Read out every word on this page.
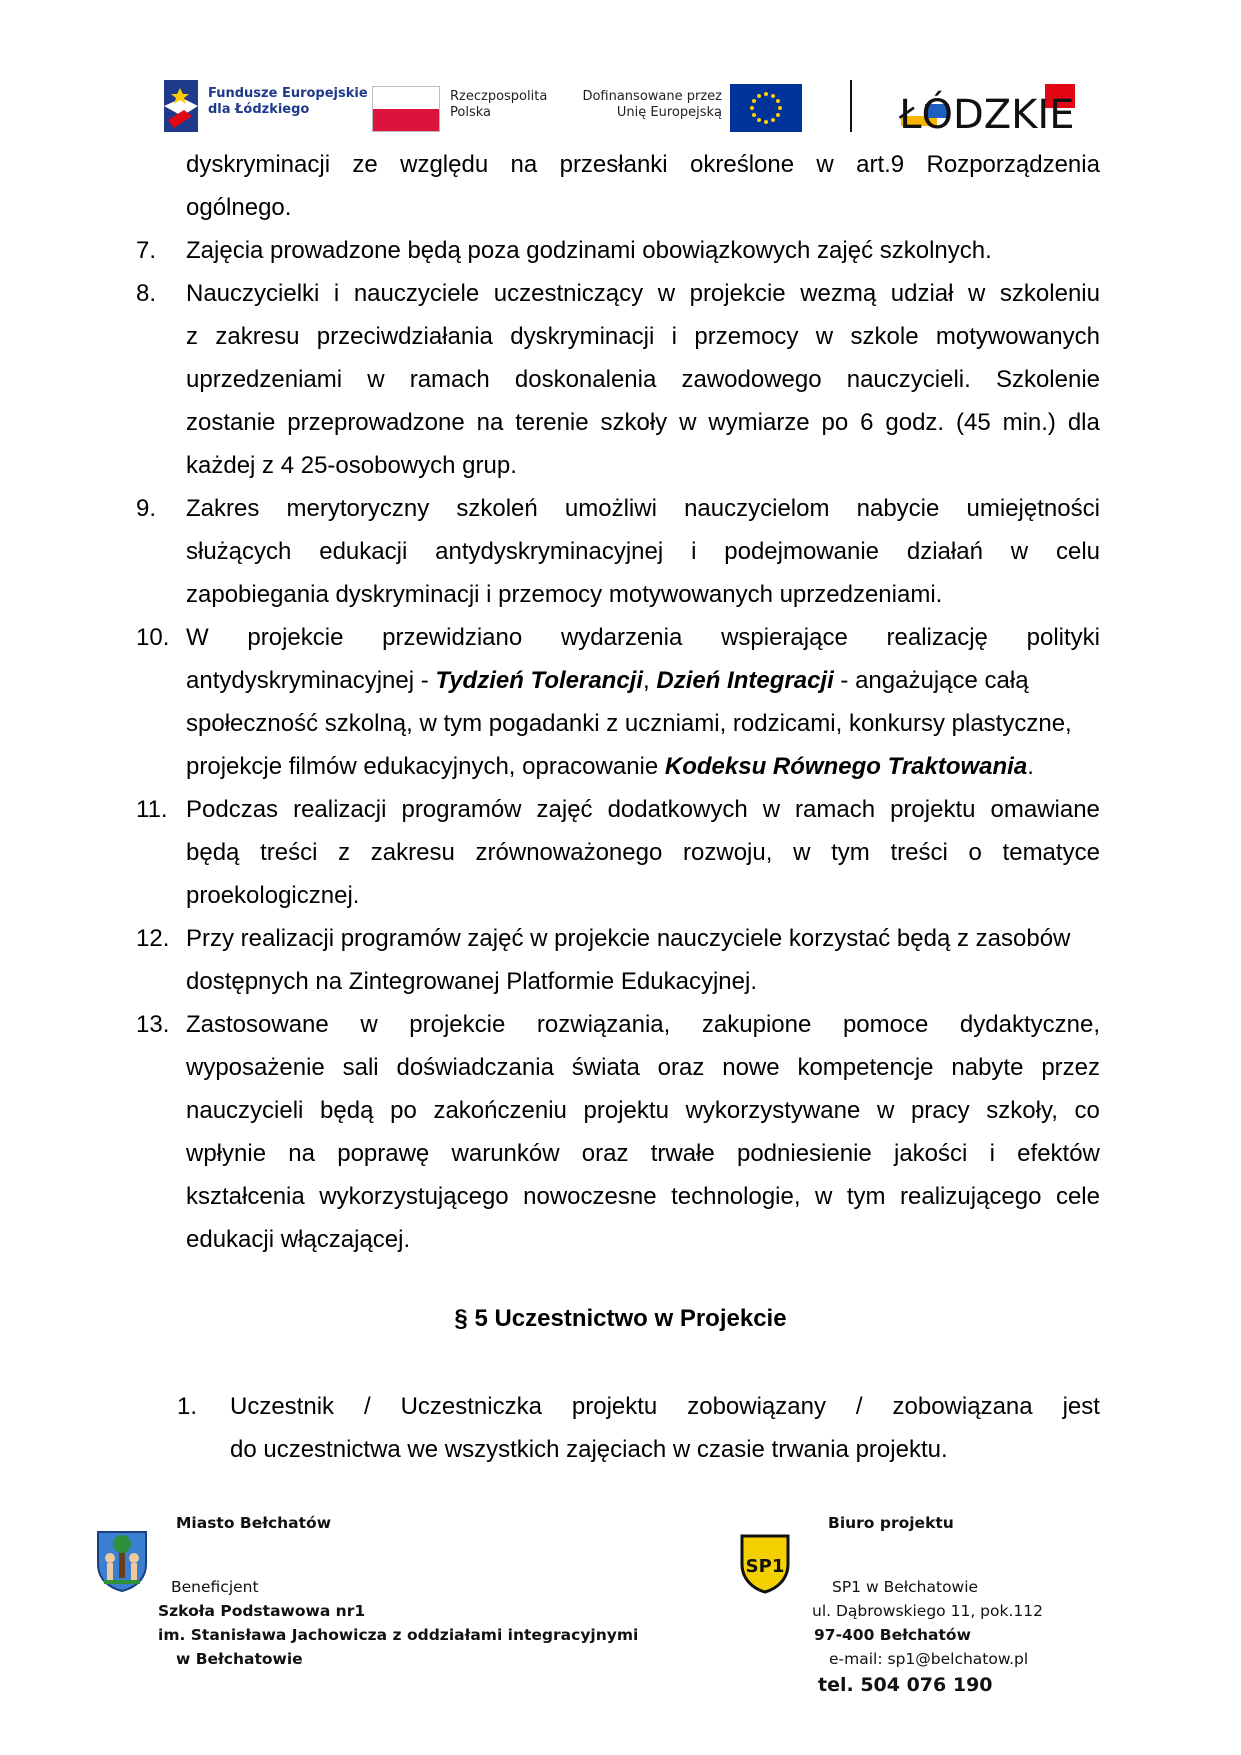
Fundusze Europejskie
dla Łódzkiego
Rzeczpospolita
Polska
Dofinansowane przez
Unię Europejską	ŁÓDZKIE
dyskryminacji ze względu na przesłanki określone w art.9 Rozporządzenia
ogólnego.
7.	Zajęcia prowadzone będą poza godzinami obowiązkowych zajęć szkolnych.
8.	Nauczycielki i nauczyciele uczestniczący w projekcie wezmą udział w szkoleniu
z zakresu przeciwdziałania dyskryminacji i przemocy w szkole motywowanych
uprzedzeniami w ramach doskonalenia zawodowego nauczycieli. Szkolenie
zostanie przeprowadzone na terenie szkoły w wymiarze po 6 godz. (45 min.) dla
każdej z 4 25-osobowych grup.
9.	Zakres merytoryczny szkoleń umożliwi nauczycielom nabycie umiejętności
służących edukacji antydyskryminacyjnej i podejmowanie działań w celu
zapobiegania dyskryminacji i przemocy motywowanych uprzedzeniami.
10. W projekcie przewidziano wydarzenia wspierające realizację polityki
antydyskryminacyjnej - Tydzień Tolerancji, Dzień Integracji - angażujące całą
społeczność szkolną, w tym pogadanki z uczniami, rodzicami, konkursy plastyczne,
projekcje filmów edukacyjnych, opracowanie Kodeksu Równego Traktowania.
11. Podczas realizacji programów zajęć dodatkowych w ramach projektu omawiane
będą treści z zakresu zrównoważonego rozwoju, w tym treści o tematyce
proekologicznej.
12. Przy realizacji programów zajęć w projekcie nauczyciele korzystać będą z zasobów
dostępnych na Zintegrowanej Platformie Edukacyjnej.
13. Zastosowane w projekcie rozwiązania, zakupione pomoce dydaktyczne,
wyposażenie sali doświadczania świata oraz nowe kompetencje nabyte przez
nauczycieli będą po zakończeniu projektu wykorzystywane w pracy szkoły, co
wpłynie na poprawę warunków oraz trwałe podniesienie jakości i efektów
kształcenia wykorzystującego nowoczesne technologie, w tym realizującego cele
edukacji włączającej.
§ 5 Uczestnictwo w Projekcie
1.	Uczestnik / Uczestniczka projektu zobowiązany / zobowiązana jest
do uczestnictwa we wszystkich zajęciach w czasie trwania projektu.
Miasto Bełchatów
Beneficjent
Szkoła Podstawowa nr1
im. Stanisława Jachowicza z oddziałami integracyjnymi
w Bełchatowie
Biuro projektu
SP1
SP1 w Bełchatowie
ul. Dąbrowskiego 11, pok.112
97-400 Bełchatów
e-mail: sp1@belchatow.pl
tel. 504 076 190
